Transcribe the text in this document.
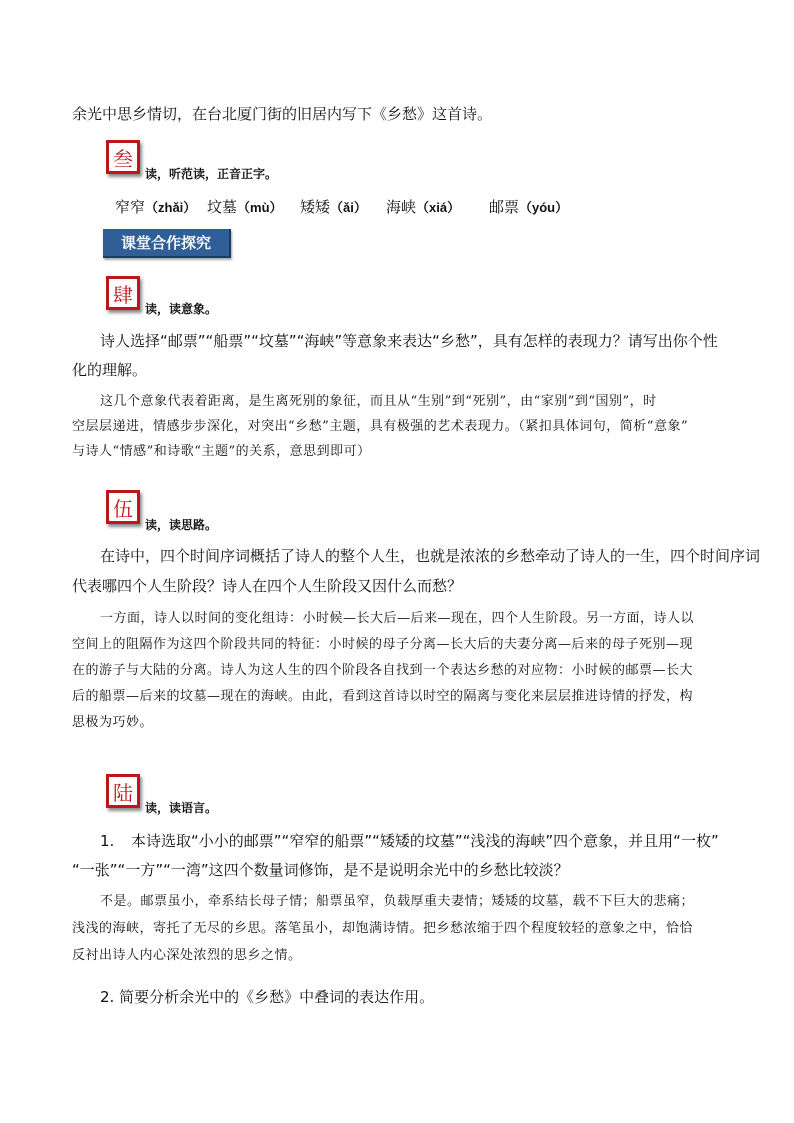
余光中思乡情切，在台北厦门街的旧居内写下《乡愁》这首诗。
叁
读，听范读，正音正字。
窄窄（zhǎi） 坟墓（mù） 矮矮（ǎi） 海峡（xiá） 邮票（yóu）
课堂合作探究
肆
读，读意象。
诗人选择“邮票”“船票”“坟墓”“海峡”等意象来表达“乡愁”，具有怎样的表现力？请写出你个性
化的理解。
这几个意象代表着距离，是生离死别的象征，而且从“生别”到“死别”，由“家别”到“国别”，时
空层层递进，情感步步深化，对突出“乡愁”主题，具有极强的艺术表现力。（紧扣具体词句，简析“意象”
与诗人“情感”和诗歌“主题”的关系，意思到即可）
伍
读，读思路。
在诗中，四个时间序词概括了诗人的整个人生，也就是浓浓的乡愁牵动了诗人的一生，四个时间序词
代表哪四个人生阶段？诗人在四个人生阶段又因什么而愁？
一方面，诗人以时间的变化组诗：小时候—长大后—后来—现在，四个人生阶段。另一方面，诗人以
空间上的阻隔作为这四个阶段共同的特征：小时候的母子分离—长大后的夫妻分离—后来的母子死别—现
在的游子与大陆的分离。诗人为这人生的四个阶段各自找到一个表达乡愁的对应物：小时候的邮票—长大
后的船票—后来的坟墓—现在的海峡。由此，看到这首诗以时空的隔离与变化来层层推进诗情的抒发，构
思极为巧妙。
陆
读，读语言。
1. 本诗选取“小小的邮票”“窄窄的船票”“矮矮的坟墓”“浅浅的海峡”四个意象，并且用“一枚”
“一张”“一方”“一湾”这四个数量词修饰，是不是说明余光中的乡愁比较淡？
不是。邮票虽小，牵系结长母子情；船票虽窄，负载厚重夫妻情；矮矮的坟墓，载不下巨大的悲痛；
浅浅的海峡，寄托了无尽的乡思。落笔虽小，却饱满诗情。把乡愁浓缩于四个程度较轻的意象之中，恰恰
反衬出诗人内心深处浓烈的思乡之情。
2. 简要分析余光中的《乡愁》中叠词的表达作用。
